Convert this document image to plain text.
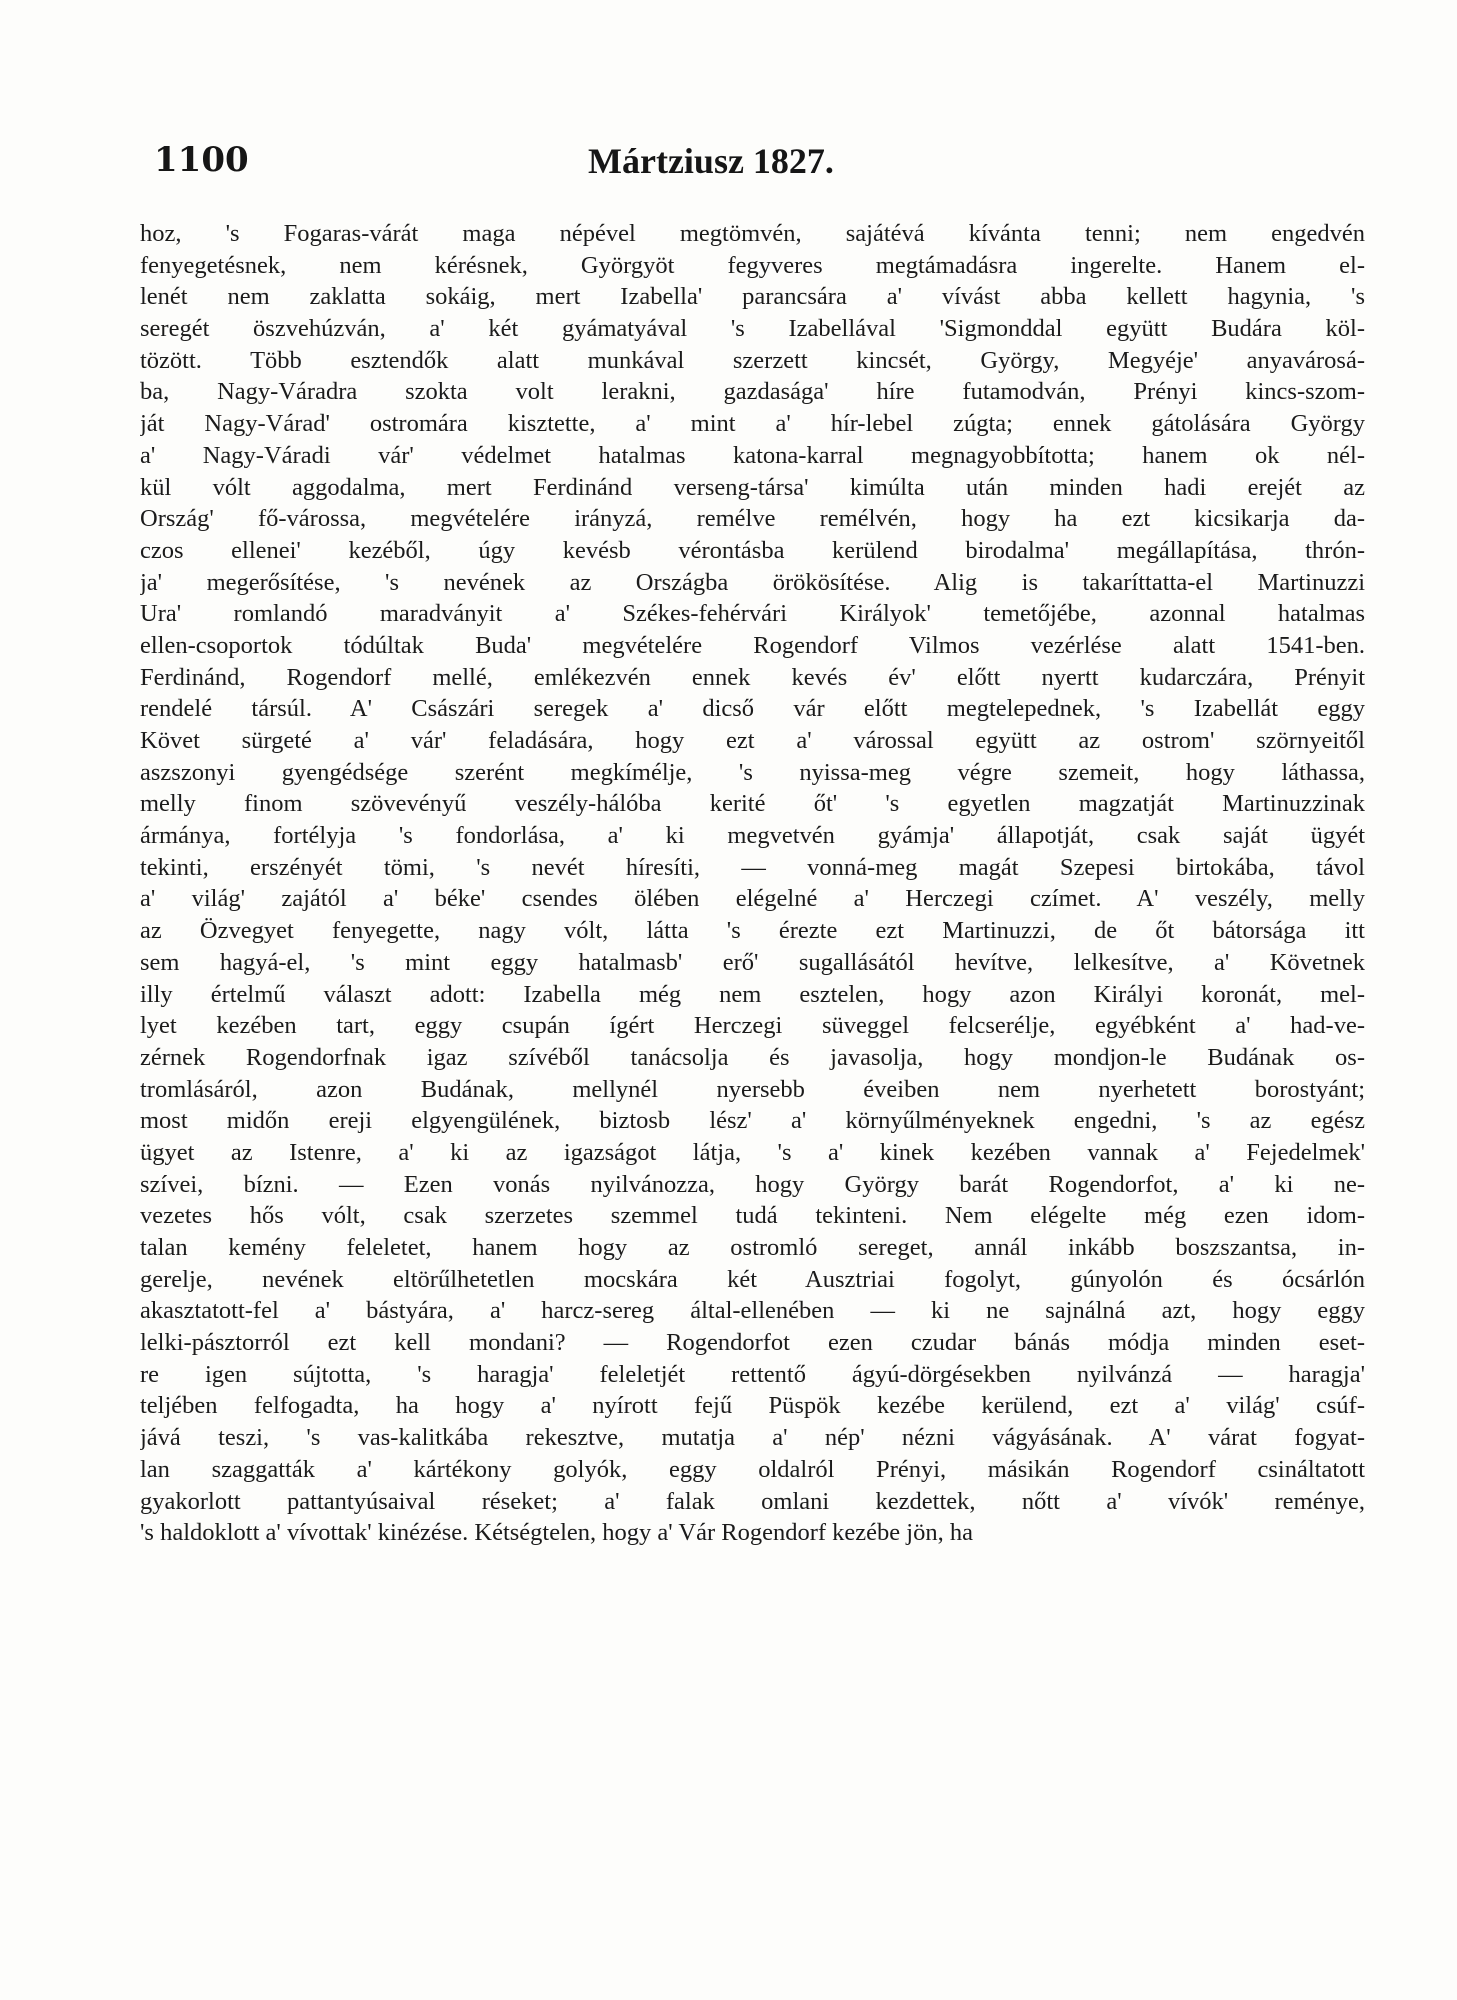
1100	Mártziusz 1827.
hoz, 's Fogaras-várát maga népével megtömvén, sajátévá kívánta tenni; nem engedvén
fenyegetésnek, nem kérésnek, Györgyöt fegyveres megtámadásra ingerelte. Hanem el-
lenét nem zaklatta sokáig, mert Izabella' parancsára a' vívást abba kellett hagynia, 's
seregét öszvehúzván, a' két gyámatyával 's Izabellával 'Sigmonddal együtt Budára köl-
tözött. Több esztendők alatt munkával szerzett kincsét, György, Megyéje' anyavárosá-
ba, Nagy-Váradra szokta volt lerakni, gazdasága' híre futamodván, Prényi kincs-szom-
ját Nagy-Várad' ostromára kisztette, a' mint a' hír-lebel zúgta; ennek gátolására György
a' Nagy-Váradi vár' védelmet hatalmas katona-karral megnagyobbította; hanem ok nél-
kül vólt aggodalma, mert Ferdinánd verseng-társa' kimúlta után minden hadi erejét az
Ország' fő-várossa, megvételére irányzá, remélve remélvén, hogy ha ezt kicsikarja da-
czos ellenei' kezéből, úgy kevésb vérontásba kerülend birodalma' megállapítása, thrón-
ja' megerősítése, 's nevének az Országba örökösítése. Alig is takaríttatta-el Martinuzzi
Ura' romlandó maradványit a' Székes-fehérvári Királyok' temetőjébe, azonnal hatalmas
ellen-csoportok tódúltak Buda' megvételére Rogendorf Vilmos vezérlése alatt 1541-ben.
Ferdinánd, Rogendorf mellé, emlékezvén ennek kevés év' előtt nyertt kudarczára, Prényit
rendelé társúl. A' Császári seregek a' dicső vár előtt megtelepednek, 's Izabellát eggy
Követ sürgeté a' vár' feladására, hogy ezt a' várossal együtt az ostrom' szörnyeitől
aszszonyi gyengédsége szerént megkímélje, 's nyissa-meg végre szemeit, hogy láthassa,
melly finom szövevényű veszély-hálóba kerité őt' 's egyetlen magzatját Martinuzzinak
ármánya, fortélyja 's fondorlása, a' ki megvetvén gyámja' állapotját, csak saját ügyét
tekinti, erszényét tömi, 's nevét híresíti, — vonná-meg magát Szepesi birtokába, távol
a' világ' zajától a' béke' csendes ölében elégelné a' Herczegi czímet. A' veszély, melly
az Özvegyet fenyegette, nagy vólt, látta 's érezte ezt Martinuzzi, de őt bátorsága itt
sem hagyá-el, 's mint eggy hatalmasb' erő' sugallásától hevítve, lelkesítve, a' Követnek
illy értelmű választ adott: Izabella még nem esztelen, hogy azon Királyi koronát, mel-
lyet kezében tart, eggy csupán ígért Herczegi süveggel felcserélje, egyébként a' had-ve-
zérnek Rogendorfnak igaz szívéből tanácsolja és javasolja, hogy mondjon-le Budának os-
tromlásáról, azon Budának, mellynél nyersebb éveiben nem nyerhetett borostyánt;
most midőn ereji elgyengülének, biztosb lész' a' környűlményeknek engedni, 's az egész
ügyet az Istenre, a' ki az igazságot látja, 's a' kinek kezében vannak a' Fejedelmek'
szívei, bízni. — Ezen vonás nyilvánozza, hogy György barát Rogendorfot, a' ki ne-
vezetes hős vólt, csak szerzetes szemmel tudá tekinteni. Nem elégelte még ezen idom-
talan kemény feleletet, hanem hogy az ostromló sereget, annál inkább boszszantsa, in-
gerelje, nevének eltörűlhetetlen mocskára két Ausztriai fogolyt, gúnyolón és ócsárlón
akasztatott-fel a' bástyára, a' harcz-sereg által-ellenében — ki ne sajnálná azt, hogy eggy
lelki-pásztorról ezt kell mondani? — Rogendorfot ezen czudar bánás módja minden eset-
re igen sújtotta, 's haragja' feleletjét rettentő ágyú-dörgésekben nyilvánzá — haragja'
teljében felfogadta, ha hogy a' nyírott fejű Püspök kezébe kerülend, ezt a' világ' csúf-
jává teszi, 's vas-kalitkába rekesztve, mutatja a' nép' nézni vágyásának. A' várat fogyat-
lan szaggatták a' kártékony golyók, eggy oldalról Prényi, másikán Rogendorf csináltatott
gyakorlott pattantyúsaival réseket; a' falak omlani kezdettek, nőtt a' vívók' reménye,
's haldoklott a' vívottak' kinézése. Kétségtelen, hogy a' Vár Rogendorf kezébe jön, ha
